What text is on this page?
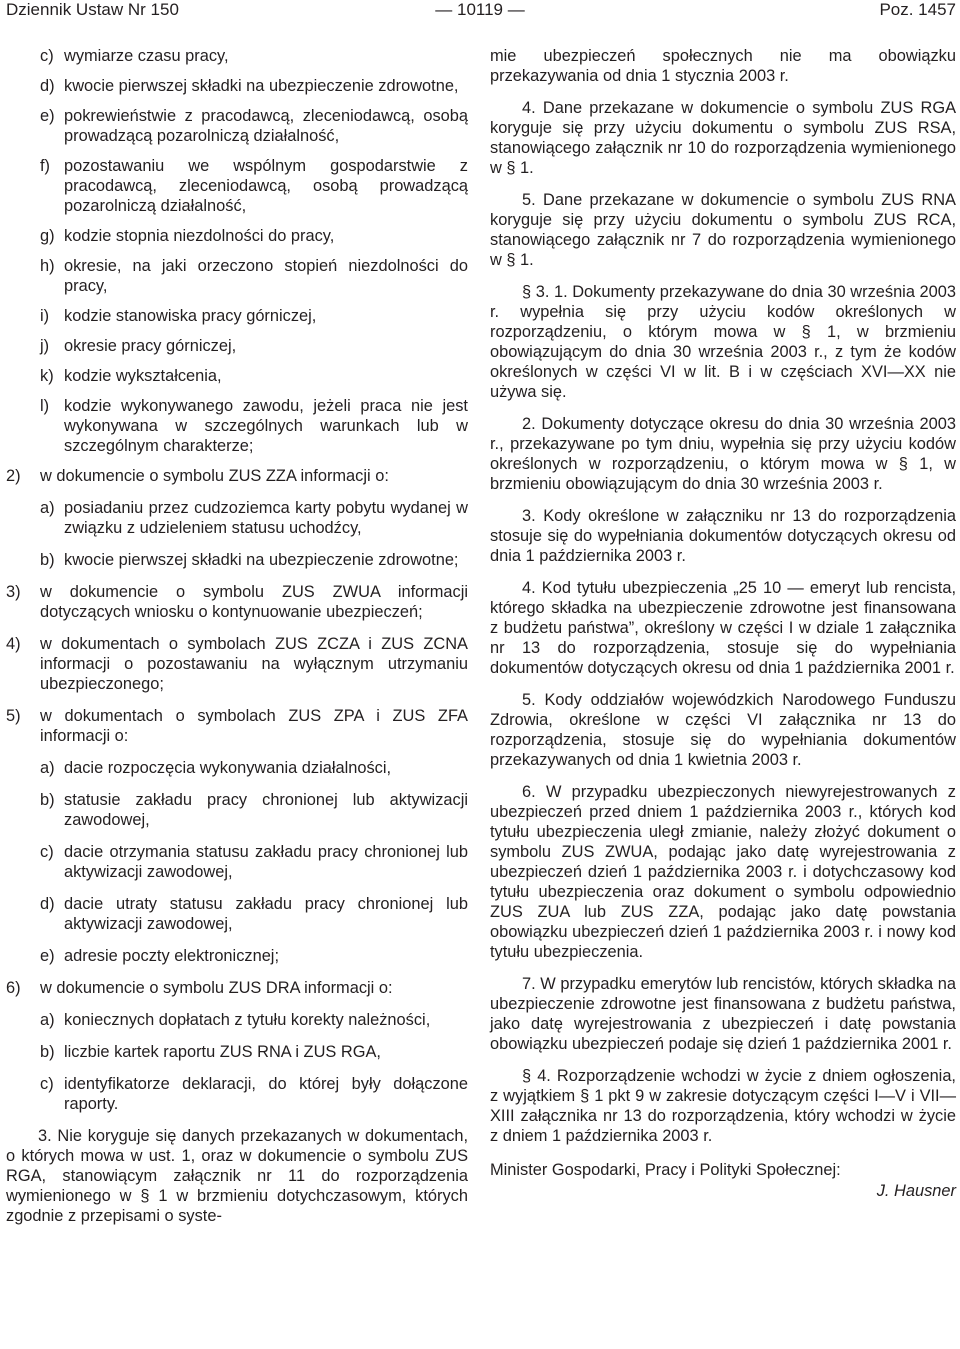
Dziennik Ustaw Nr 150	— 10119 —	Poz. 1457
c) wymiarze czasu pracy,
d) kwocie pierwszej składki na ubezpieczenie zdrowotne,
e) pokrewieństwie z pracodawcą, zleceniodawcą, osobą prowadzącą pozarolniczą działalność,
f) pozostawaniu we wspólnym gospodarstwie z pracodawcą, zleceniodawcą, osobą prowadzącą pozarolniczą działalność,
g) kodzie stopnia niezdolności do pracy,
h) okresie, na jaki orzeczono stopień niezdolności do pracy,
i) kodzie stanowiska pracy górniczej,
j) okresie pracy górniczej,
k) kodzie wykształcenia,
l) kodzie wykonywanego zawodu, jeżeli praca nie jest wykonywana w szczególnych warunkach lub w szczególnym charakterze;
2) w dokumencie o symbolu ZUS ZZA informacji o:
a) posiadaniu przez cudzoziemca karty pobytu wydanej w związku z udzieleniem statusu uchodźcy,
b) kwocie pierwszej składki na ubezpieczenie zdrowotne;
3) w dokumencie o symbolu ZUS ZWUA informacji dotyczących wniosku o kontynuowanie ubezpieczeń;
4) w dokumentach o symbolach ZUS ZCZA i ZUS ZCNA informacji o pozostawaniu na wyłącznym utrzymaniu ubezpieczonego;
5) w dokumentach o symbolach ZUS ZPA i ZUS ZFA informacji o:
a) dacie rozpoczęcia wykonywania działalności,
b) statusie zakładu pracy chronionej lub aktywizacji zawodowej,
c) dacie otrzymania statusu zakładu pracy chronionej lub aktywizacji zawodowej,
d) dacie utraty statusu zakładu pracy chronionej lub aktywizacji zawodowej,
e) adresie poczty elektronicznej;
6) w dokumencie o symbolu ZUS DRA informacji o:
a) koniecznych dopłatach z tytułu korekty należności,
b) liczbie kartek raportu ZUS RNA i ZUS RGA,
c) identyfikatorze deklaracji, do której były dołączone raporty.

3. Nie koryguje się danych przekazanych w dokumentach, o których mowa w ust. 1, oraz w dokumencie o symbolu ZUS RGA, stanowiącym załącznik nr 11 do rozporządzenia wymienionego w § 1 w brzmieniu dotychczasowym, których zgodnie z przepisami o syste-

mie ubezpieczeń społecznych nie ma obowiązku przekazywania od dnia 1 stycznia 2003 r.

4. Dane przekazane w dokumencie o symbolu ZUS RGA koryguje się przy użyciu dokumentu o symbolu ZUS RSA, stanowiącego załącznik nr 10 do rozporządzenia wymienionego w § 1.

5. Dane przekazane w dokumencie o symbolu ZUS RNA koryguje się przy użyciu dokumentu o symbolu ZUS RCA, stanowiącego załącznik nr 7 do rozporządzenia wymienionego w § 1.

§ 3. 1. Dokumenty przekazywane do dnia 30 września 2003 r. wypełnia się przy użyciu kodów określonych w rozporządzeniu, o którym mowa w § 1, w brzmieniu obowiązującym do dnia 30 września 2003 r., z tym że kodów określonych w części VI w lit. B i w częściach XVI—XX nie używa się.

2. Dokumenty dotyczące okresu do dnia 30 września 2003 r., przekazywane po tym dniu, wypełnia się przy użyciu kodów określonych w rozporządzeniu, o którym mowa w § 1, w brzmieniu obowiązującym do dnia 30 września 2003 r.

3. Kody określone w załączniku nr 13 do rozporządzenia stosuje się do wypełniania dokumentów dotyczących okresu od dnia 1 października 2003 r.

4. Kod tytułu ubezpieczenia „25 10 — emeryt lub rencista, którego składka na ubezpieczenie zdrowotne jest finansowana z budżetu państwa”, określony w części I w dziale 1 załącznika nr 13 do rozporządzenia, stosuje się do wypełniania dokumentów dotyczących okresu od dnia 1 października 2001 r.

5. Kody oddziałów wojewódzkich Narodowego Funduszu Zdrowia, określone w części VI załącznika nr 13 do rozporządzenia, stosuje się do wypełniania dokumentów przekazywanych od dnia 1 kwietnia 2003 r.

6. W przypadku ubezpieczonych niewyrejestrowanych z ubezpieczeń przed dniem 1 października 2003 r., których kod tytułu ubezpieczenia uległ zmianie, należy złożyć dokument o symbolu ZUS ZWUA, podając jako datę wyrejestrowania z ubezpieczeń dzień 1 października 2003 r. i dotychczasowy kod tytułu ubezpieczenia oraz dokument o symbolu odpowiednio ZUS ZUA lub ZUS ZZA, podając jako datę powstania obowiązku ubezpieczeń dzień 1 października 2003 r. i nowy kod tytułu ubezpieczenia.

7. W przypadku emerytów lub rencistów, których składka na ubezpieczenie zdrowotne jest finansowana z budżetu państwa, jako datę wyrejestrowania z ubezpieczeń i datę powstania obowiązku ubezpieczeń podaje się dzień 1 października 2001 r.

§ 4. Rozporządzenie wchodzi w życie z dniem ogłoszenia, z wyjątkiem § 1 pkt 9 w zakresie dotyczącym części I—V i VII—XIII załącznika nr 13 do rozporządzenia, który wchodzi w życie z dniem 1 października 2003 r.

Minister Gospodarki, Pracy i Polityki Społecznej:
J. Hausner
